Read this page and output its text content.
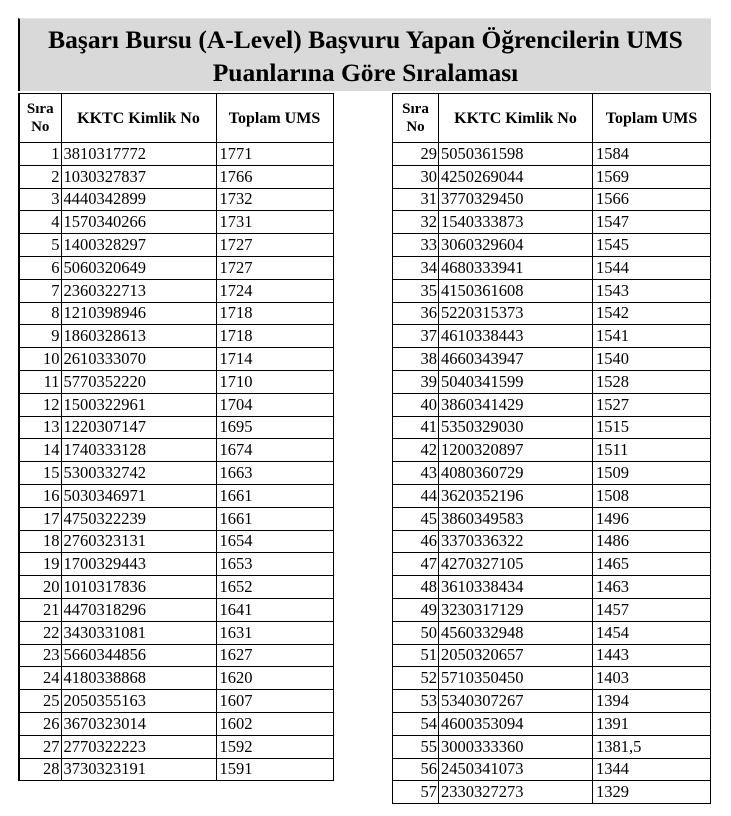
Başarı Bursu (A-Level) Başvuru Yapan Öğrencilerin UMS
Puanlarına Göre Sıralaması
Sıra
No	KKTC Kimlik No	Toplam UMS
1	3810317772	1771
2	1030327837	1766
3	4440342899	1732
4	1570340266	1731
5	1400328297	1727
6	5060320649	1727
7	2360322713	1724
8	1210398946	1718
9	1860328613	1718
10	2610333070	1714
11	5770352220	1710
12	1500322961	1704
13	1220307147	1695
14	1740333128	1674
15	5300332742	1663
16	5030346971	1661
17	4750322239	1661
18	2760323131	1654
19	1700329443	1653
20	1010317836	1652
21	4470318296	1641
22	3430331081	1631
23	5660344856	1627
24	4180338868	1620
25	2050355163	1607
26	3670323014	1602
27	2770322223	1592
28	3730323191	1591
Sıra
No	KKTC Kimlik No	Toplam UMS
29	5050361598	1584
30	4250269044	1569
31	3770329450	1566
32	1540333873	1547
33	3060329604	1545
34	4680333941	1544
35	4150361608	1543
36	5220315373	1542
37	4610338443	1541
38	4660343947	1540
39	5040341599	1528
40	3860341429	1527
41	5350329030	1515
42	1200320897	1511
43	4080360729	1509
44	3620352196	1508
45	3860349583	1496
46	3370336322	1486
47	4270327105	1465
48	3610338434	1463
49	3230317129	1457
50	4560332948	1454
51	2050320657	1443
52	5710350450	1403
53	5340307267	1394
54	4600353094	1391
55	3000333360	1381,5
56	2450341073	1344
57	2330327273	1329
